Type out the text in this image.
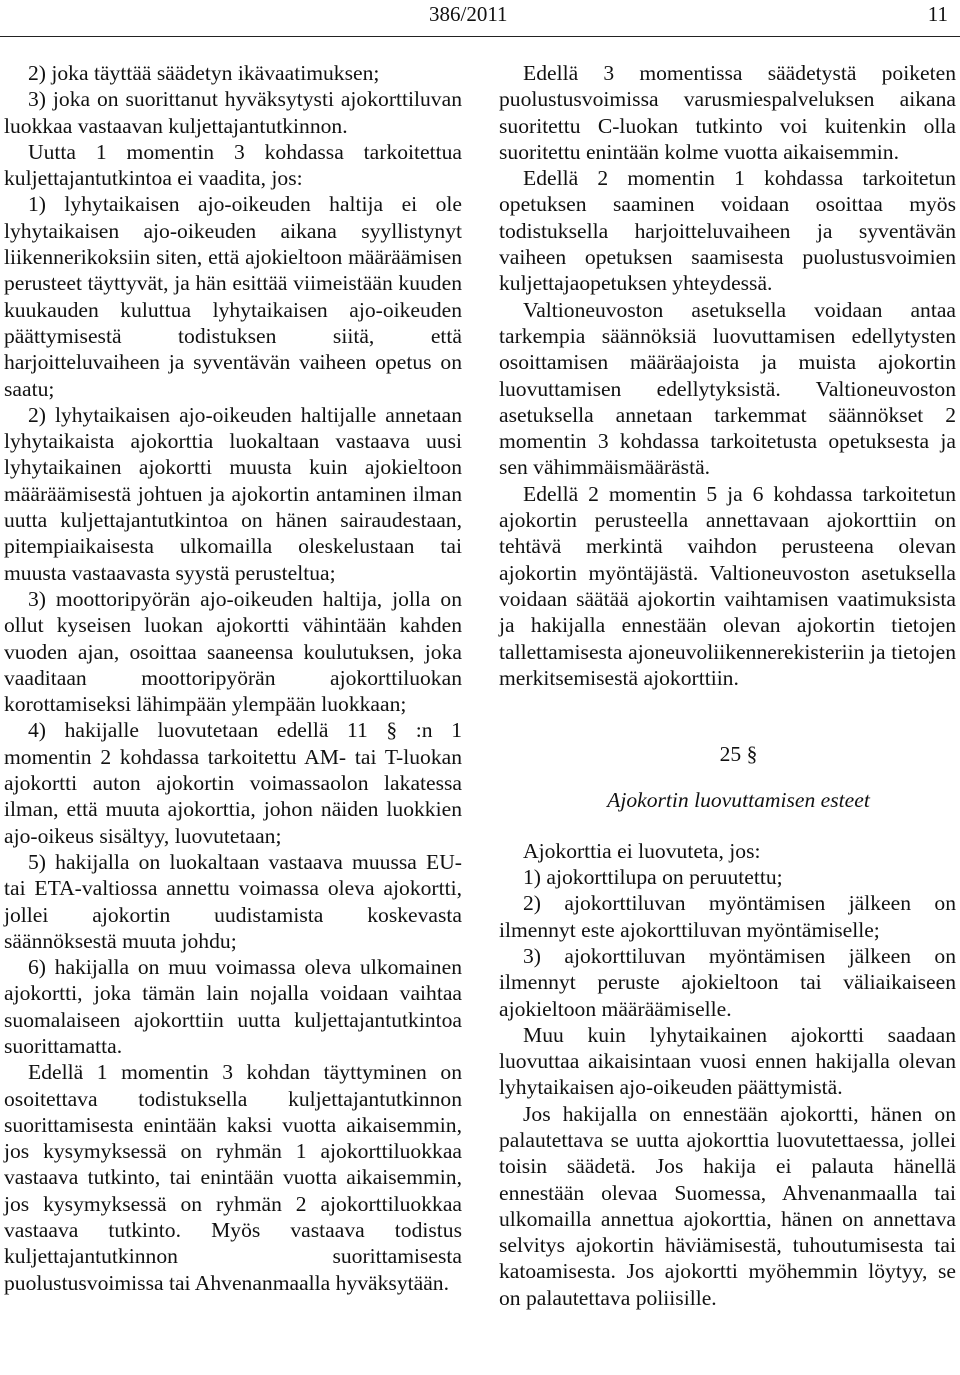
386/2011	11

2) joka täyttää säädetyn ikävaatimuksen;

3) joka on suorittanut hyväksytysti ajokorttiluvan luokkaa vastaavan kuljettajantutkinnon.

Uutta 1 momentin 3 kohdassa tarkoitettua kuljettajantutkintoa ei vaadita, jos:

1) lyhytaikaisen ajo-oikeuden haltija ei ole lyhytaikaisen ajo-oikeuden aikana syyllistynyt liikennerikoksiin siten, että ajokieltoon määräämisen perusteet täyttyvät, ja hän esittää viimeistään kuuden kuukauden kuluttua lyhytaikaisen ajo-oikeuden päättymisestä todistuksen siitä, että harjoitteluvaiheen ja syventävän vaiheen opetus on saatu;

2) lyhytaikaisen ajo-oikeuden haltijalle annetaan lyhytaikaista ajokorttia luokaltaan vastaava uusi lyhytaikainen ajokortti muusta kuin ajokieltoon määräämisestä johtuen ja ajokortin antaminen ilman uutta kuljettajantutkintoa on hänen sairaudestaan, pitempiaikaisesta ulkomailla oleskelustaan tai muusta vastaavasta syystä perusteltua;

3) moottoripyörän ajo-oikeuden haltija, jolla on ollut kyseisen luokan ajokortti vähintään kahden vuoden ajan, osoittaa saaneensa koulutuksen, joka vaaditaan moottoripyörän ajokorttiluokan korottamiseksi lähimpään ylempään luokkaan;

4) hakijalle luovutetaan edellä 11 § :n 1 momentin 2 kohdassa tarkoitettu AM- tai T-luokan ajokortti auton ajokortin voimassaolon lakatessa ilman, että muuta ajokorttia, johon näiden luokkien ajo-oikeus sisältyy, luovutetaan;

5) hakijalla on luokaltaan vastaava muussa EU- tai ETA-valtiossa annettu voimassa oleva ajokortti, jollei ajokortin uudistamista koskevasta säännöksestä muuta johdu;

6) hakijalla on muu voimassa oleva ulkomainen ajokortti, joka tämän lain nojalla voidaan vaihtaa suomalaiseen ajokorttiin uutta kuljettajantutkintoa suorittamatta.

Edellä 1 momentin 3 kohdan täyttyminen on osoitettava todistuksella kuljettajantutkinnon suorittamisesta enintään kaksi vuotta aikaisemmin, jos kysymyksessä on ryhmän 1 ajokorttiluokkaa vastaava tutkinto, tai enintään vuotta aikaisemmin, jos kysymyksessä on ryhmän 2 ajokorttiluokkaa vastaava tutkinto. Myös vastaava todistus kuljettajantutkinnon suorittamisesta puolustusvoimissa tai Ahvenanmaalla hyväksytään.

Edellä 3 momentissa säädetystä poiketen puolustusvoimissa varusmiespalveluksen aikana suoritettu C-luokan tutkinto voi kuitenkin olla suoritettu enintään kolme vuotta aikaisemmin.

Edellä 2 momentin 1 kohdassa tarkoitetun opetuksen saaminen voidaan osoittaa myös todistuksella harjoitteluvaiheen ja syventävän vaiheen opetuksen saamisesta puolustusvoimien kuljettajaopetuksen yhteydessä.

Valtioneuvoston asetuksella voidaan antaa tarkempia säännöksiä luovuttamisen edellytysten osoittamisen määräajoista ja muista ajokortin luovuttamisen edellytyksistä. Valtioneuvoston asetuksella annetaan tarkemmat säännökset 2 momentin 3 kohdassa tarkoitetusta opetuksesta ja sen vähimmäismäärästä.

Edellä 2 momentin 5 ja 6 kohdassa tarkoitetun ajokortin perusteella annettavaan ajokorttiin on tehtävä merkintä vaihdon perusteena olevan ajokortin myöntäjästä. Valtioneuvoston asetuksella voidaan säätää ajokortin vaihtamisen vaatimuksista ja hakijalla ennestään olevan ajokortin tietojen tallettamisesta ajoneuvoliikennerekisteriin ja tietojen merkitsemisestä ajokorttiin.

25 §
Ajokortin luovuttamisen esteet

Ajokorttia ei luovuteta, jos:

1) ajokorttilupa on peruutettu;

2) ajokorttiluvan myöntämisen jälkeen on ilmennyt este ajokorttiluvan myöntämiselle;

3) ajokorttiluvan myöntämisen jälkeen on ilmennyt peruste ajokieltoon tai väliaikaiseen ajokieltoon määräämiselle.

Muu kuin lyhytaikainen ajokortti saadaan luovuttaa aikaisintaan vuosi ennen hakijalla olevan lyhytaikaisen ajo-oikeuden päättymistä.

Jos hakijalla on ennestään ajokortti, hänen on palautettava se uutta ajokorttia luovutettaessa, jollei toisin säädetä. Jos hakija ei palauta hänellä ennestään olevaa Suomessa, Ahvenanmaalla tai ulkomailla annettua ajokorttia, hänen on annettava selvitys ajokortin häviämisestä, tuhoutumisesta tai katoamisesta. Jos ajokortti myöhemmin löytyy, se on palautettava poliisille.
